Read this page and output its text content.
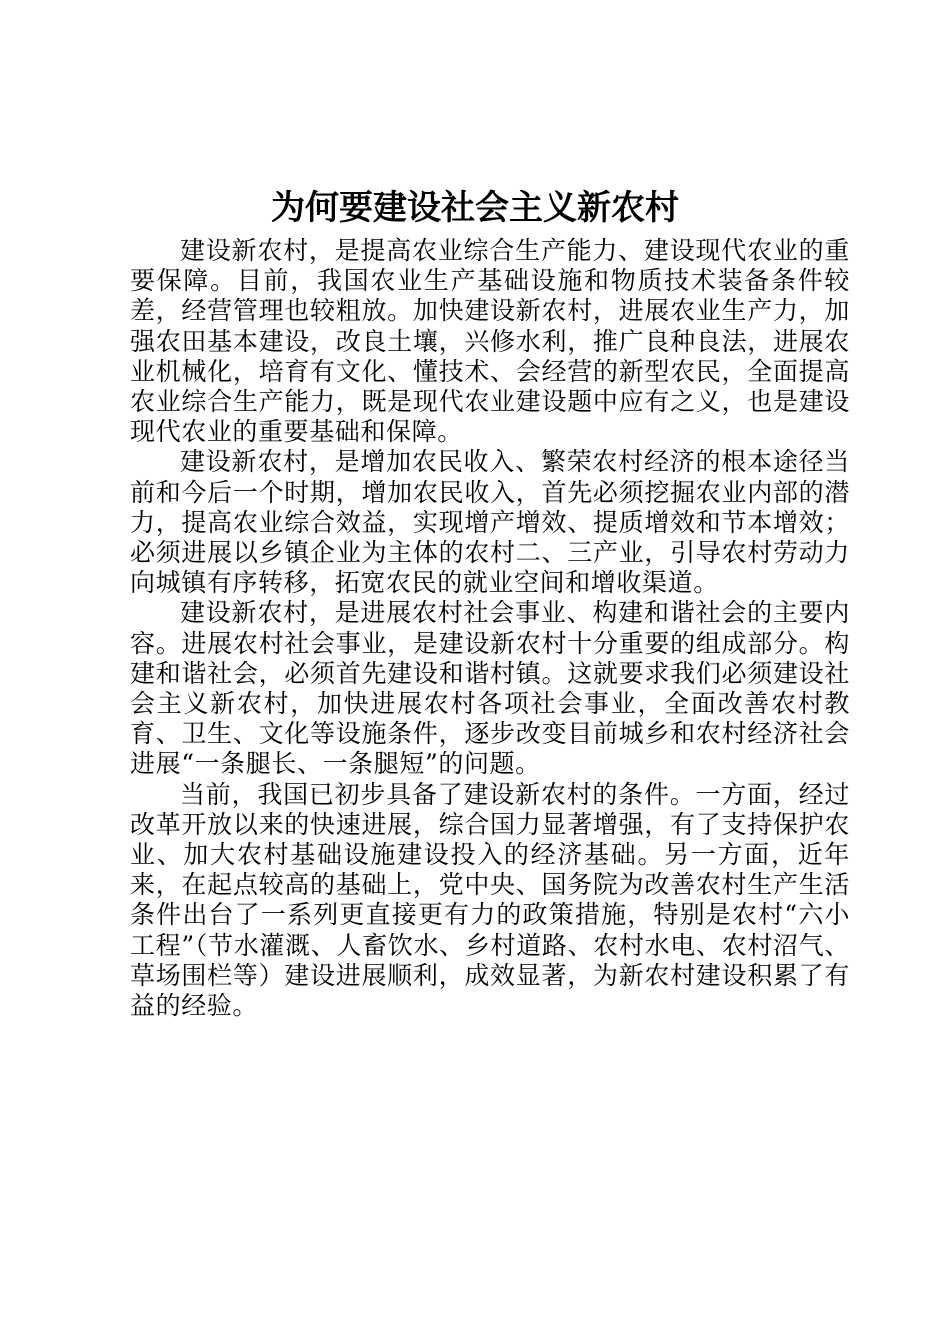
为何要建设社会主义新农村

建设新农村，是提高农业综合生产能力、建设现代农业的重要保障。目前，我国农业生产基础设施和物质技术装备条件较差，经营管理也较粗放。加快建设新农村，进展农业生产力，加强农田基本建设，改良土壤，兴修水利，推广良种良法，进展农业机械化，培育有文化、懂技术、会经营的新型农民，全面提高农业综合生产能力，既是现代农业建设题中应有之义，也是建设现代农业的重要基础和保障。

建设新农村，是增加农民收入、繁荣农村经济的根本途径当前和今后一个时期，增加农民收入，首先必须挖掘农业内部的潜力，提高农业综合效益，实现增产增效、提质增效和节本增效；必须进展以乡镇企业为主体的农村二、三产业，引导农村劳动力向城镇有序转移，拓宽农民的就业空间和增收渠道。

建设新农村，是进展农村社会事业、构建和谐社会的主要内容。进展农村社会事业，是建设新农村十分重要的组成部分。构建和谐社会，必须首先建设和谐村镇。这就要求我们必须建设社会主义新农村，加快进展农村各项社会事业，全面改善农村教育、卫生、文化等设施条件，逐步改变目前城乡和农村经济社会进展“一条腿长、一条腿短”的问题。

当前，我国已初步具备了建设新农村的条件。一方面，经过改革开放以来的快速进展，综合国力显著增强，有了支持保护农业、加大农村基础设施建设投入的经济基础。另一方面，近年来，在起点较高的基础上，党中央、国务院为改善农村生产生活条件出台了一系列更直接更有力的政策措施，特别是农村“六小工程”（节水灌溉、人畜饮水、乡村道路、农村水电、农村沼气、草场围栏等）建设进展顺利，成效显著，为新农村建设积累了有益的经验。
